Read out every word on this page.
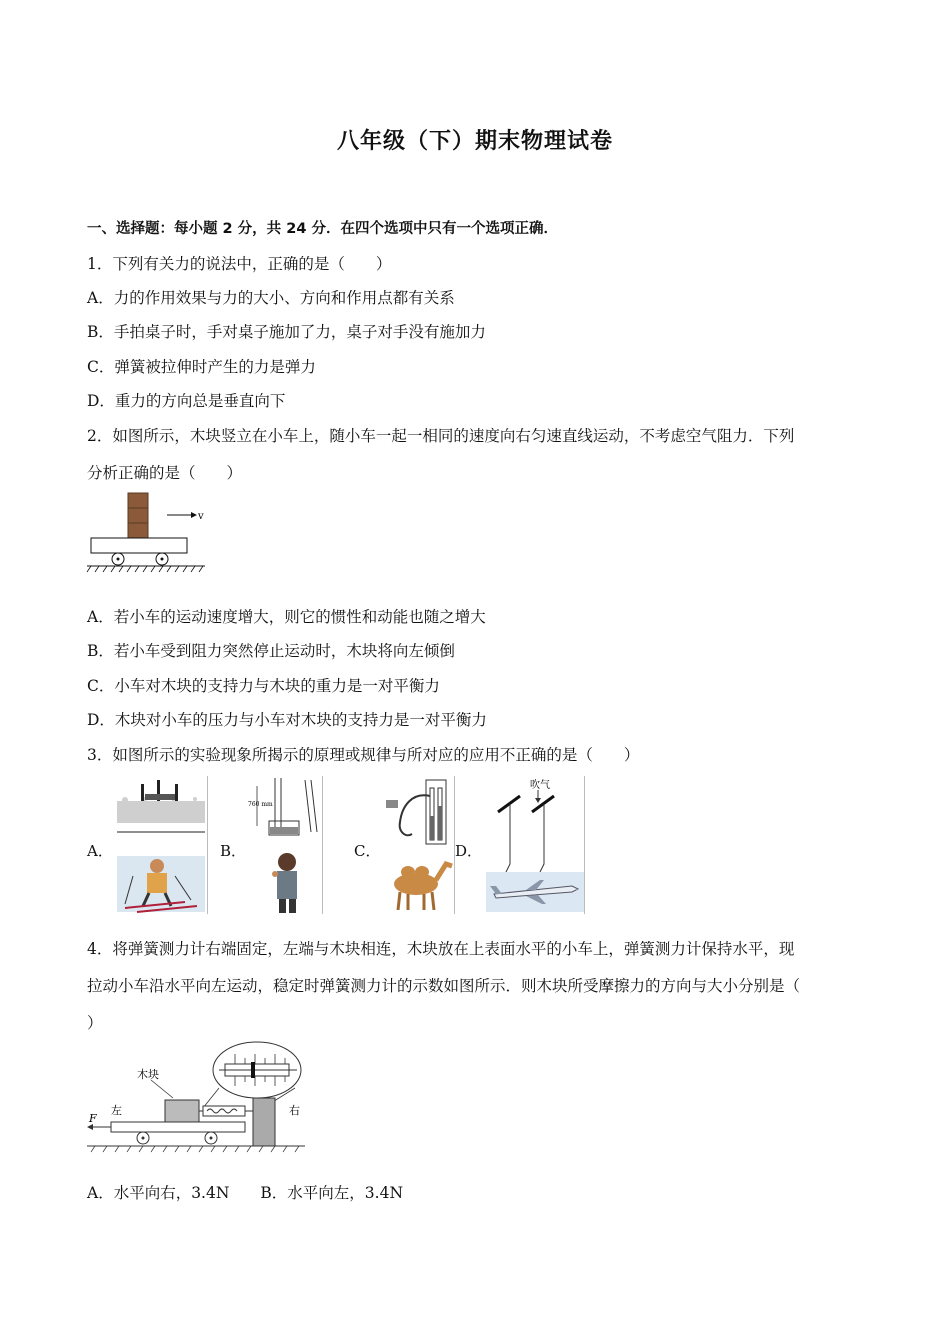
八年级（下）期末物理试卷
一、选择题：每小题 2 分，共 24 分．在四个选项中只有一个选项正确．
1．下列有关力的说法中，正确的是（　　）
A．力的作用效果与力的大小、方向和作用点都有关系
B．手拍桌子时，手对桌子施加了力，桌子对手没有施加力
C．弹簧被拉伸时产生的力是弹力
D．重力的方向总是垂直向下
2．如图所示，木块竖立在小车上，随小车一起一相同的速度向右匀速直线运动，不考虑空气阻力．下列
分析正确的是（　　）
v
A．若小车的运动速度增大，则它的惯性和动能也随之增大
B．若小车受到阻力突然停止运动时，木块将向左倾倒
C．小车对木块的支持力与木块的重力是一对平衡力
D．木块对小车的压力与小车对木块的支持力是一对平衡力
3．如图所示的实验现象所揭示的原理或规律与所对应的应用不正确的是（　　）
A．	B．	C．	D．
760 mm
吹气
4．将弹簧测力计右端固定，左端与木块相连，木块放在上表面水平的小车上，弹簧测力计保持水平，现
拉动小车沿水平向左运动，稳定时弹簧测力计的示数如图所示．则木块所受摩擦力的方向与大小分别是（
）
木块
左	右
F
A．水平向右，3.4N　　B．水平向左，3.4N
